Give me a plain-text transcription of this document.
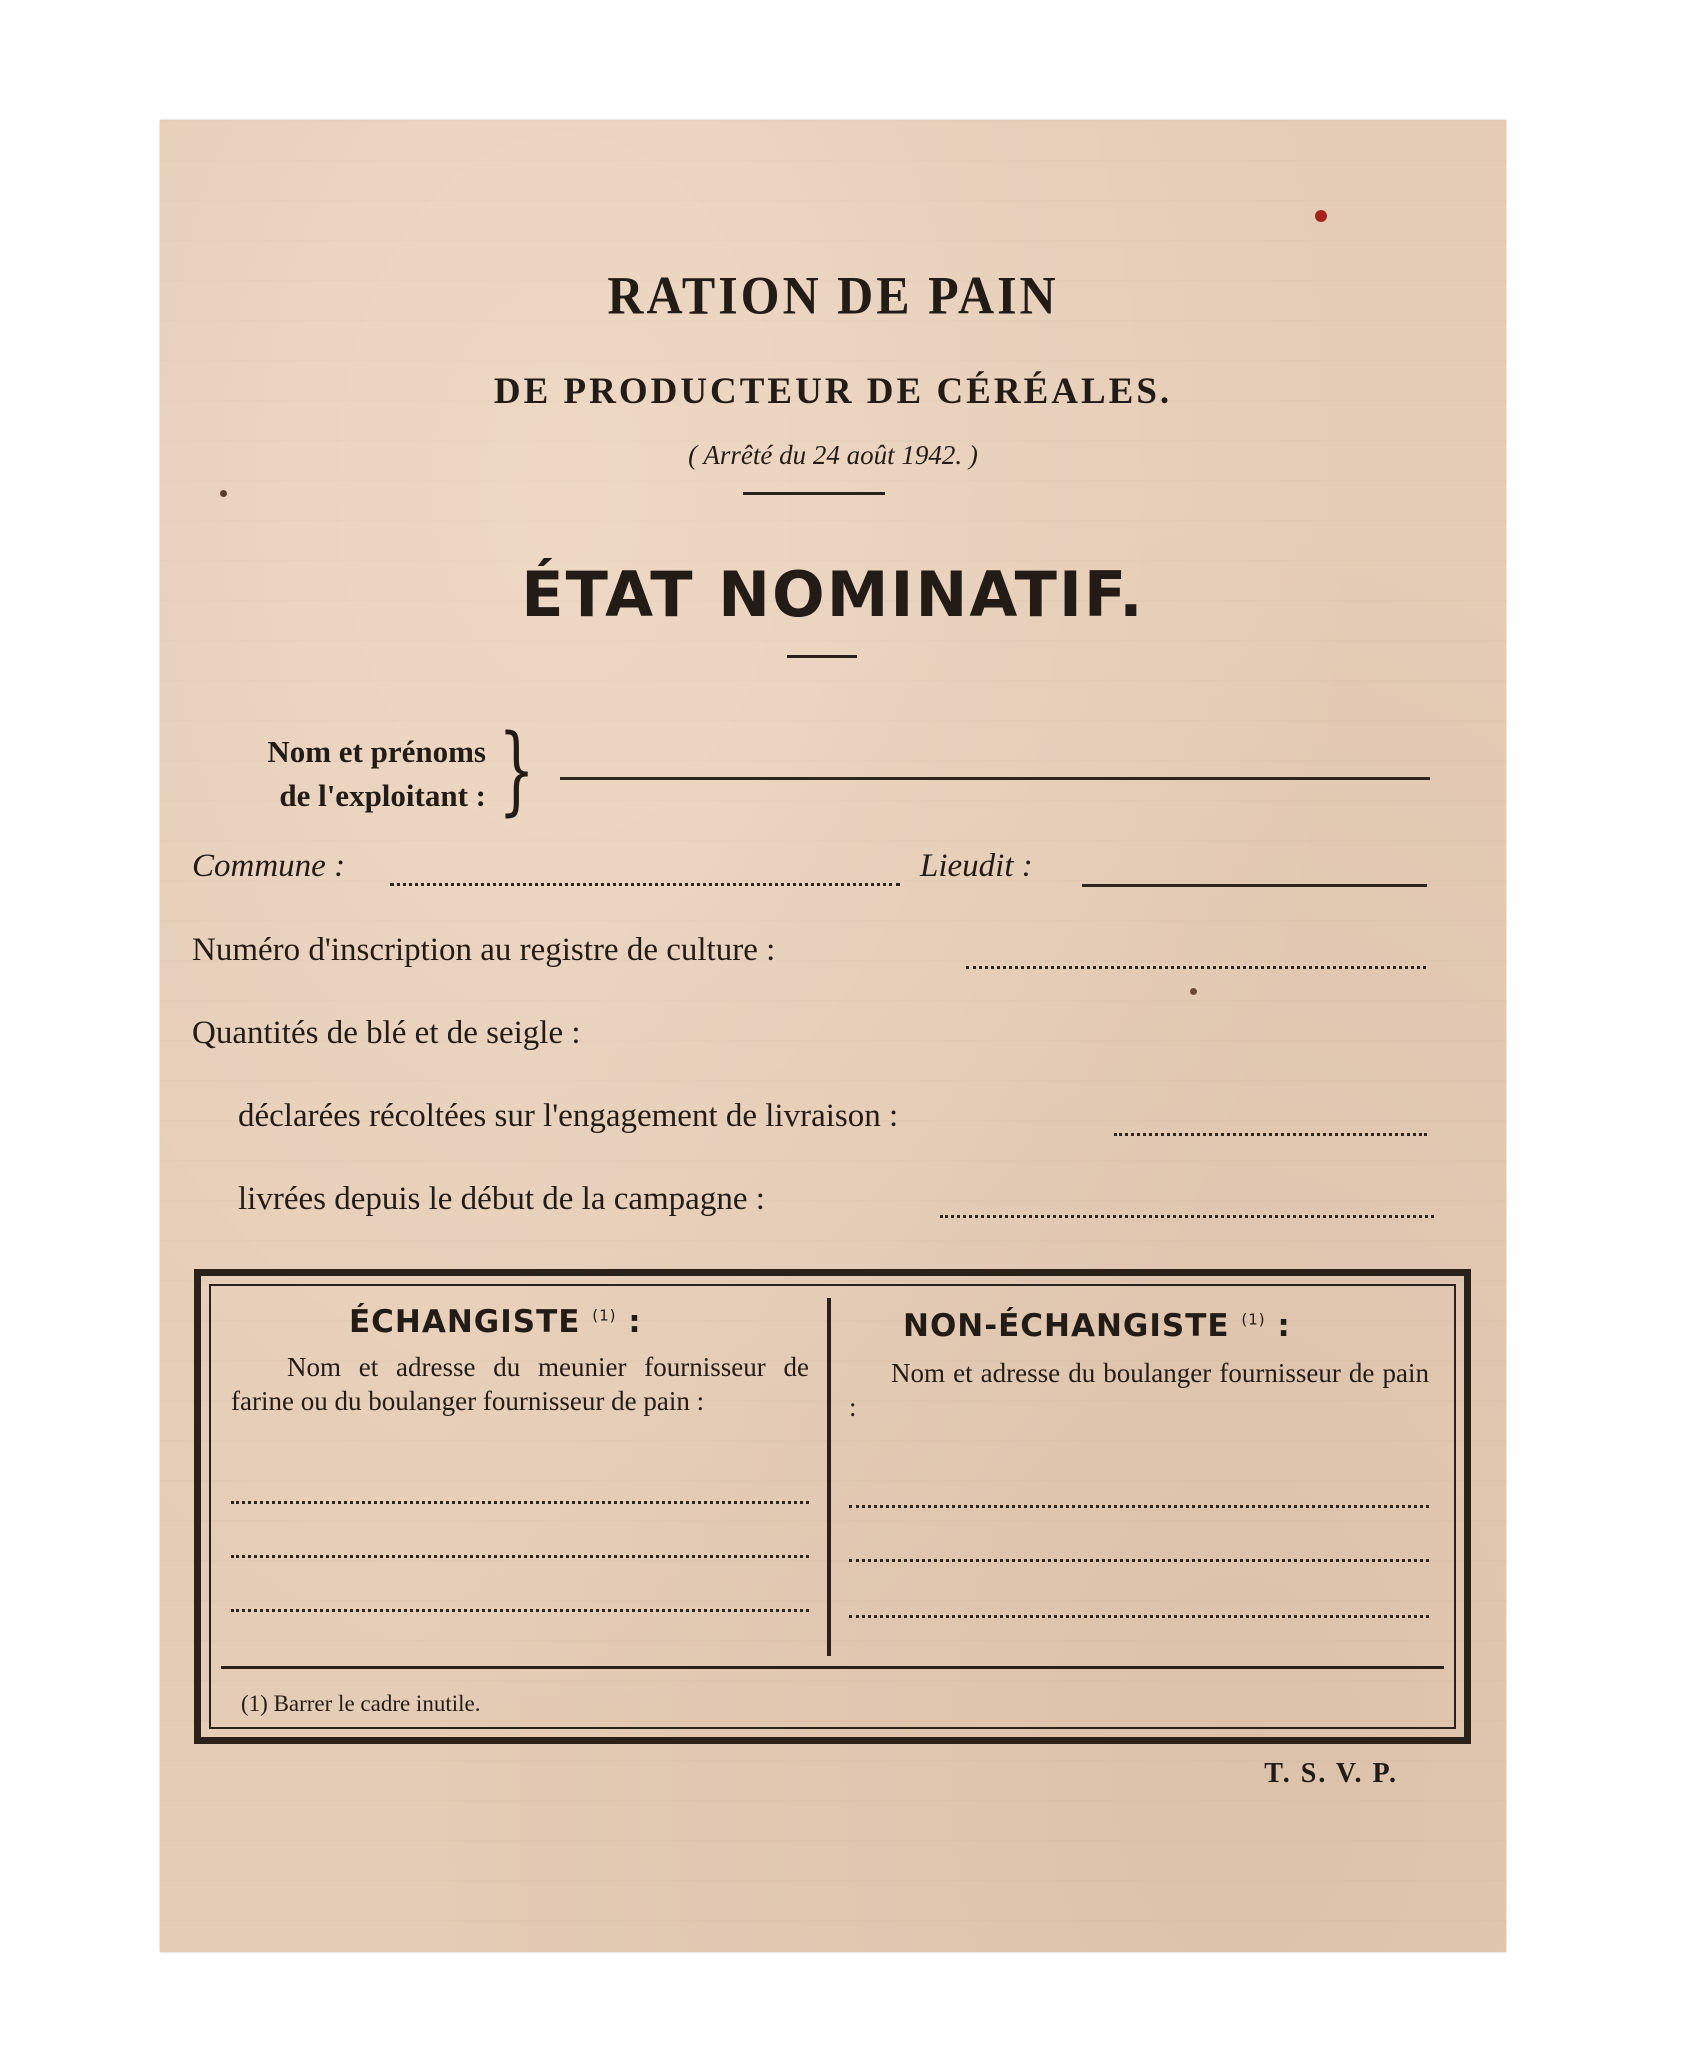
RATION DE PAIN
DE PRODUCTEUR DE CÉRÉALES.
( Arrêté du 24 août 1942. )
ÉTAT NOMINATIF.
Nom et prénoms
de l'exploitant : }
Commune :	Lieudit :
Numéro d'inscription au registre de culture :
Quantités de blé et de seigle :
déclarées récoltées sur l'engagement de livraison :
livrées depuis le début de la campagne :
ÉCHANGISTE $^{(1)}$ :
Nom et adresse du meunier fournisseur de farine ou du boulanger fournisseur de pain :
NON-ÉCHANGISTE $^{(1)}$ :
Nom et adresse du boulanger fournisseur de pain :
(1) Barrer le cadre inutile.
T. S. V. P.
